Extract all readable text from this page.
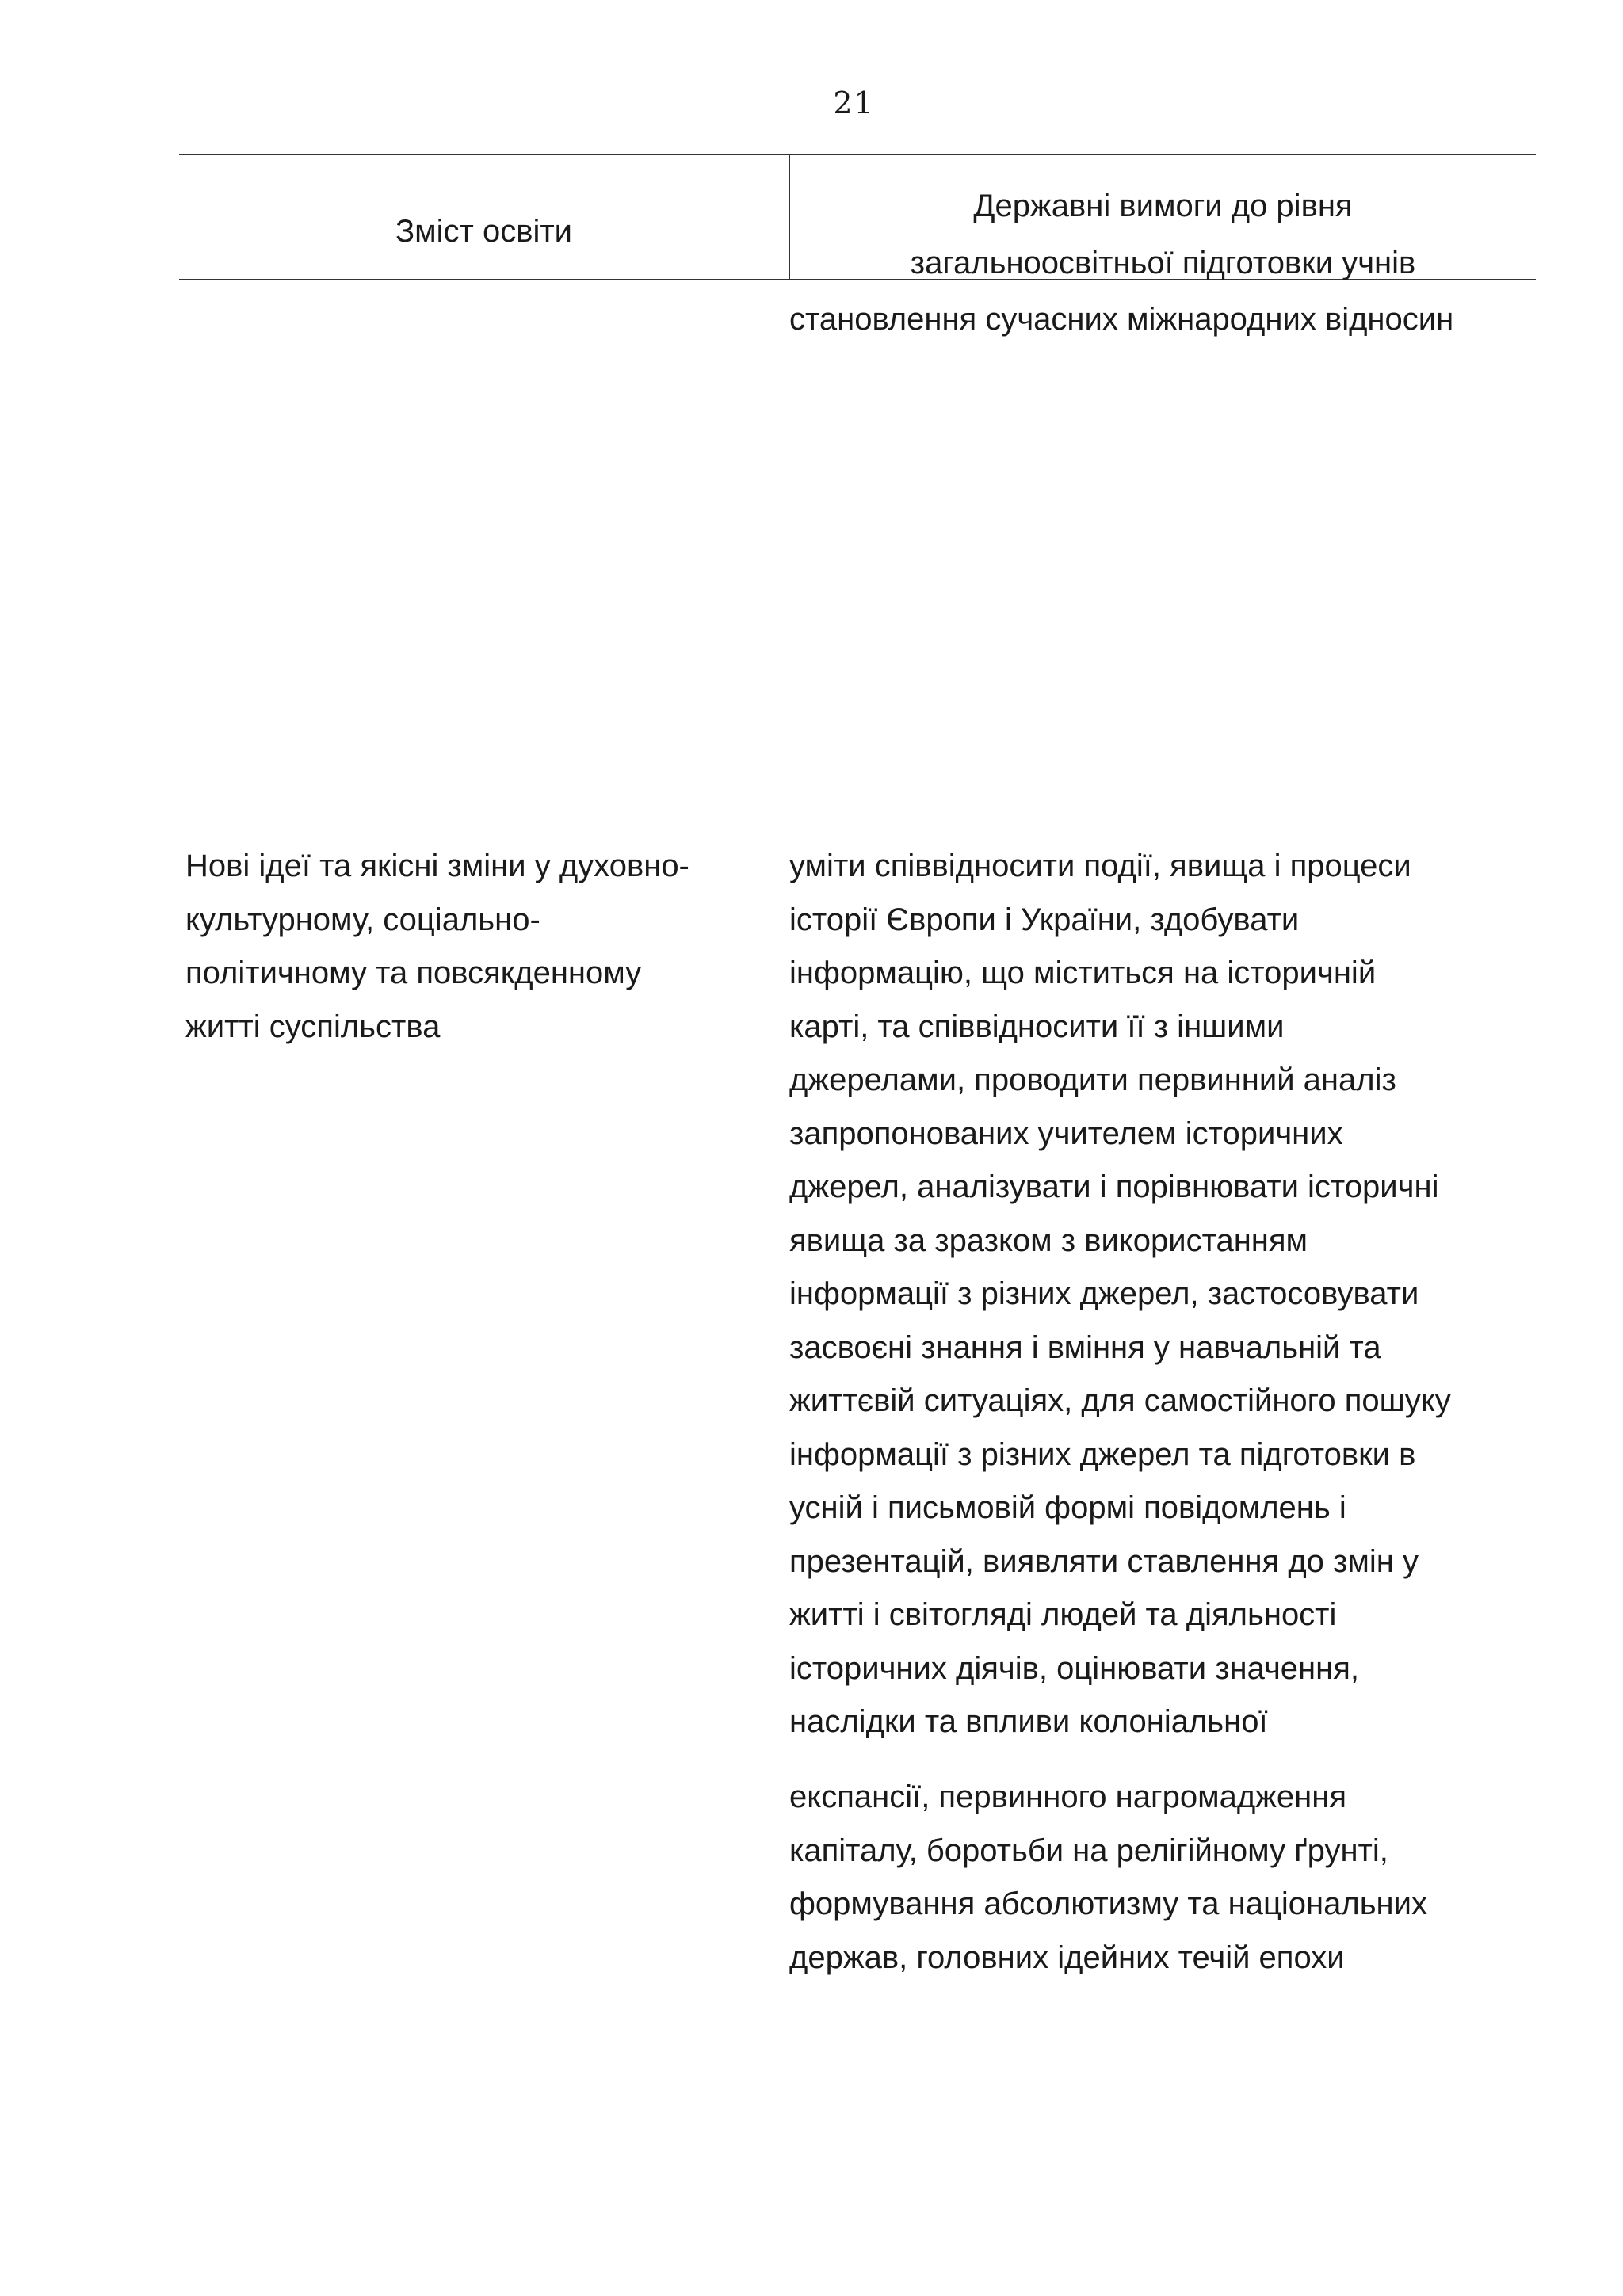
21
Зміст освіти
Державні вимоги до рівня
загальноосвітньої підготовки учнів
становлення сучасних міжнародних відносин
Нові ідеї та якісні зміни у духовно-
культурному, соціально-
політичному та повсякденному
житті суспільства
уміти співвідносити події, явища і процеси
історії Європи і України, здобувати
інформацію, що міститься на історичній
карті, та співвідносити її з іншими
джерелами, проводити первинний аналіз
запропонованих учителем історичних
джерел, аналізувати і порівнювати історичні
явища за зразком з використанням
інформації з різних джерел, застосовувати
засвоєні знання і вміння у навчальній та
життєвій ситуаціях, для самостійного пошуку
інформації з різних джерел та підготовки в
усній і письмовій формі повідомлень і
презентацій, виявляти ставлення до змін у
житті і світогляді людей та діяльності
історичних діячів, оцінювати значення,
наслідки та впливи колоніальної
експансії, первинного нагромадження
капіталу, боротьби на релігійному ґрунті,
формування абсолютизму та національних
держав, головних ідейних течій епохи
